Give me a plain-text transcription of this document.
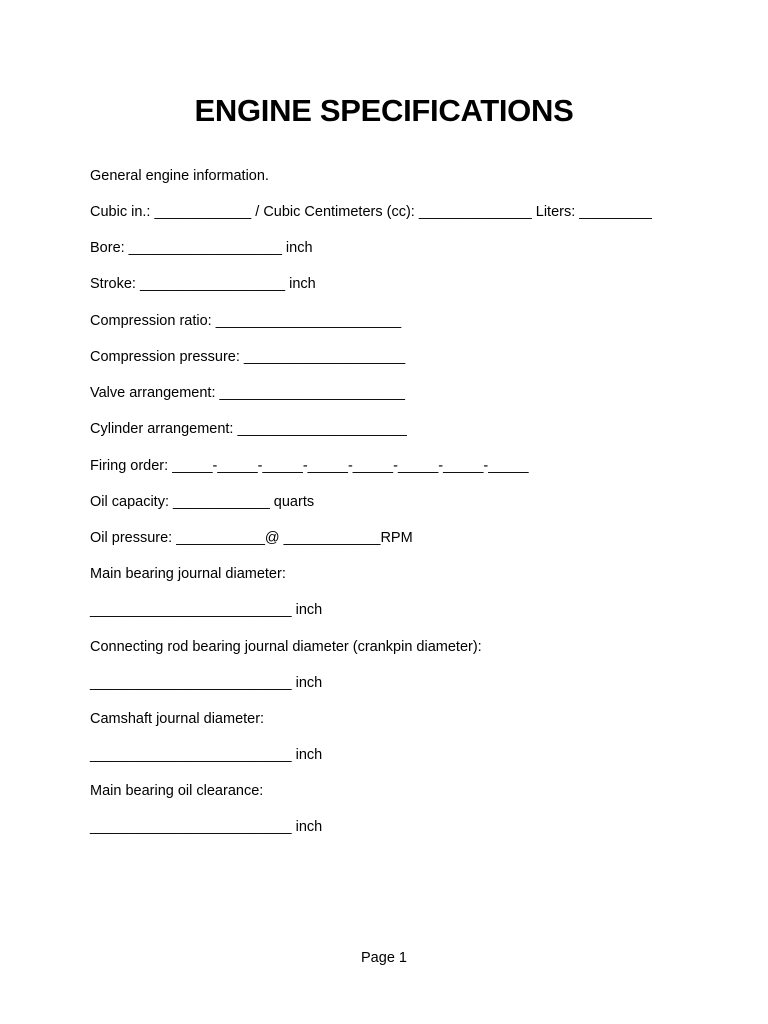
ENGINE SPECIFICATIONS

General engine information.

Cubic in.: ____________ / Cubic Centimeters (cc): ______________ Liters: _________

Bore: ___________________ inch

Stroke: __________________ inch

Compression ratio: _______________________

Compression pressure: ____________________

Valve arrangement: _______________________

Cylinder arrangement: _____________________

Firing order: _____-_____-_____-_____-_____-_____-_____-_____

Oil capacity: ____________ quarts

Oil pressure: ___________@ ____________RPM

Main bearing journal diameter:

_________________________ inch

Connecting rod bearing journal diameter (crankpin diameter):

_________________________ inch

Camshaft journal diameter:

_________________________ inch

Main bearing oil clearance:

_________________________ inch

Page 1
